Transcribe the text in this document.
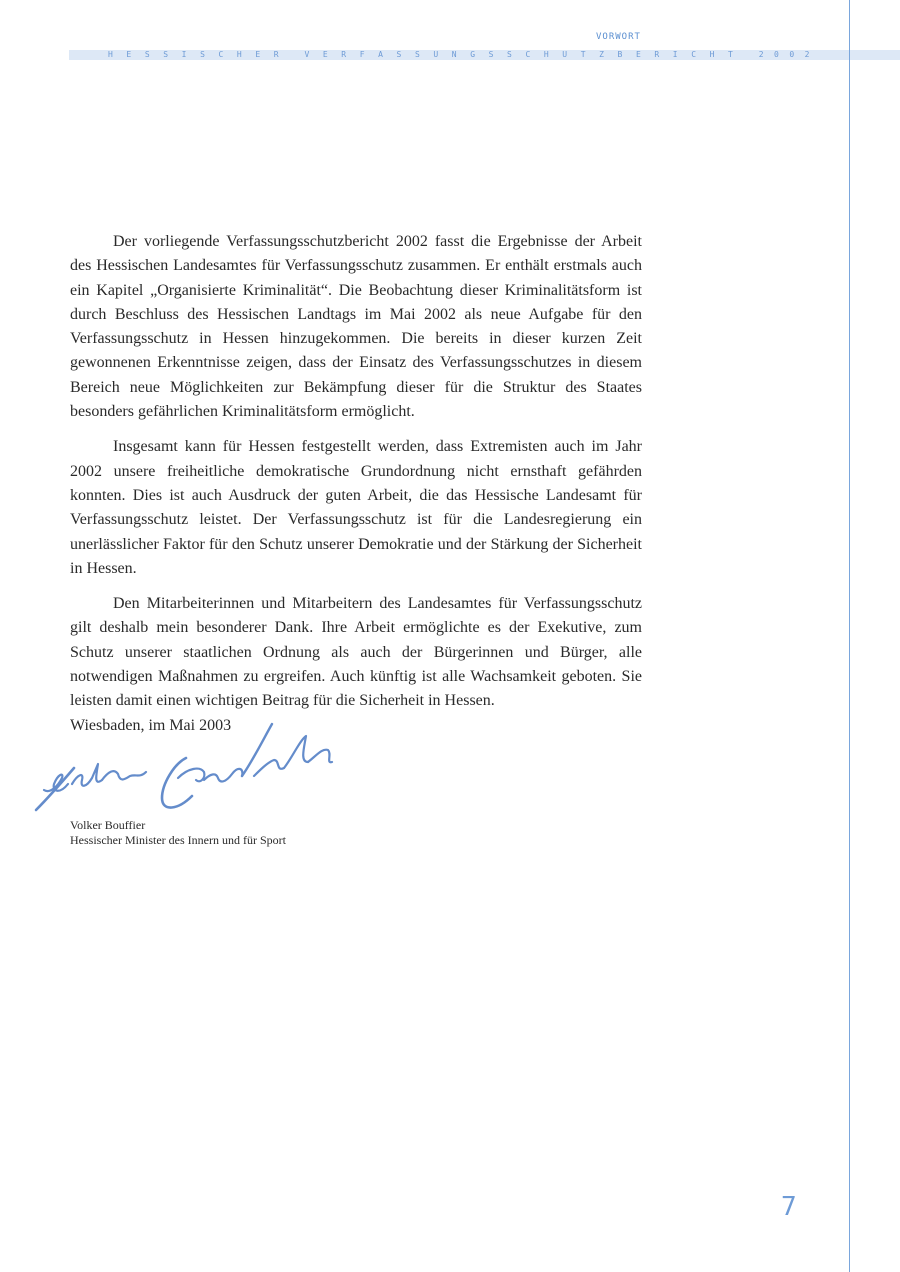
VORWORT
HESSISCHER VERFASSUNGSSCHUTZBERICHT 2002

Der vorliegende Verfassungsschutzbericht 2002 fasst die Ergebnisse der Arbeit des Hessischen Landesamtes für Verfassungsschutz zusammen. Er enthält erstmals auch ein Kapitel „Organisierte Kriminalität“. Die Beobachtung dieser Kriminalitätsform ist durch Beschluss des Hessischen Landtags im Mai 2002 als neue Aufgabe für den Verfassungsschutz in Hessen hinzugekommen. Die bereits in dieser kurzen Zeit gewonnenen Erkenntnisse zeigen, dass der Einsatz des Verfassungsschutzes in diesem Bereich neue Möglichkeiten zur Bekämpfung dieser für die Struktur des Staates besonders gefährlichen Kriminalitätsform ermöglicht.

Insgesamt kann für Hessen festgestellt werden, dass Extremisten auch im Jahr 2002 unsere freiheitliche demokratische Grundordnung nicht ernsthaft gefährden konnten. Dies ist auch Ausdruck der guten Arbeit, die das Hessische Landesamt für Verfassungsschutz leistet. Der Verfassungsschutz ist für die Landesregierung ein unerlässlicher Faktor für den Schutz unserer Demokratie und der Stärkung der Sicherheit in Hessen.

Den Mitarbeiterinnen und Mitarbeitern des Landesamtes für Verfassungsschutz gilt deshalb mein besonderer Dank. Ihre Arbeit ermöglichte es der Exekutive, zum Schutz unserer staatlichen Ordnung als auch der Bürgerinnen und Bürger, alle notwendigen Maßnahmen zu ergreifen. Auch künftig ist alle Wachsamkeit geboten. Sie leisten damit einen wichtigen Beitrag für die Sicherheit in Hessen.

Wiesbaden, im Mai 2003
Volker Bouffier
Hessischer Minister des Innern und für Sport
7
